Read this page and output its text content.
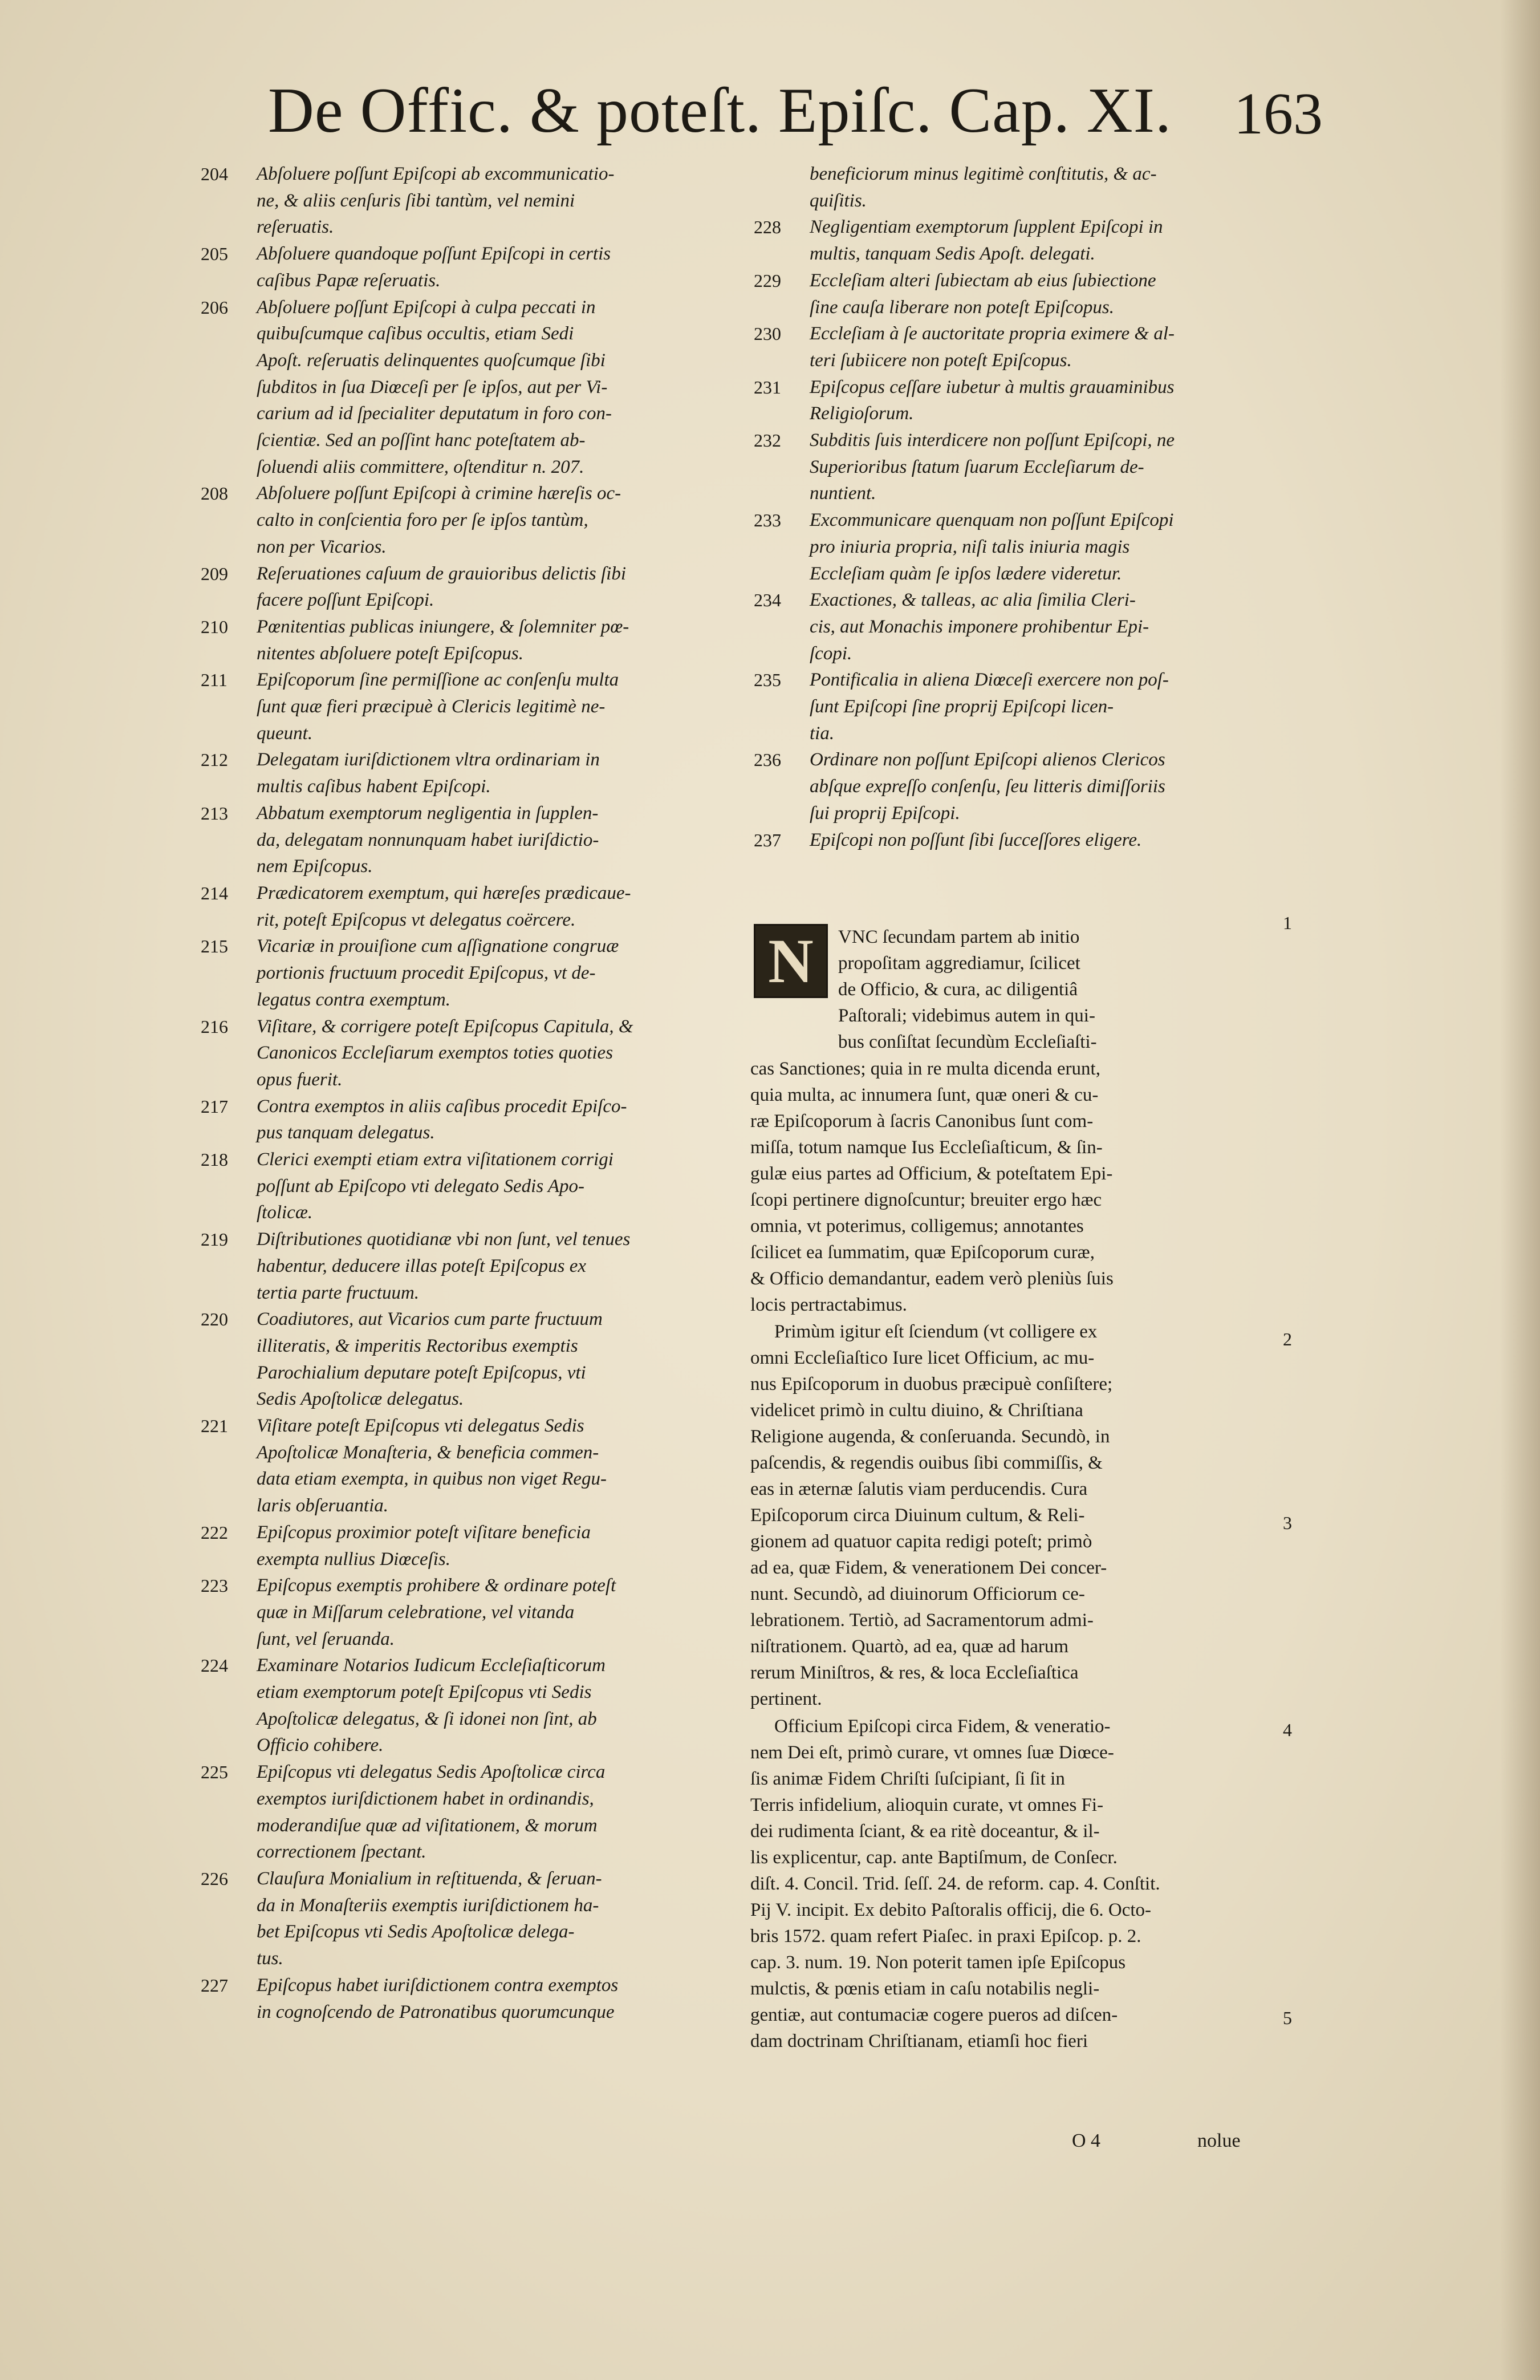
De Offic. & poteſt. Epiſc. Cap. XI. 163
204 Abſoluere poſſunt Epiſcopi ab excommunicatio-
ne, & aliis cenſuris ſibi tantùm, vel nemini
reſeruatis.
205 Abſoluere quandoque poſſunt Epiſcopi in certis
caſibus Papæ reſeruatis.
206 Abſoluere poſſunt Epiſcopi à culpa peccati in
quibuſcumque caſibus occultis, etiam Sedi
Apoſt. reſeruatis delinquentes quoſcumque ſibi
ſubditos in ſua Diœceſi per ſe ipſos, aut per Vi-
carium ad id ſpecialiter deputatum in foro con-
ſcientiæ. Sed an poſſint hanc poteſtatem ab-
ſoluendi aliis committere, oſtenditur n. 207.
208 Abſoluere poſſunt Epiſcopi à crimine hæreſis oc-
calto in conſcientia foro per ſe ipſos tantùm,
non per Vicarios.
209 Reſeruationes caſuum de grauioribus delictis ſibi
facere poſſunt Epiſcopi.
210 Pœnitentias publicas iniungere, & ſolemniter pœ-
nitentes abſoluere poteſt Epiſcopus.
211 Epiſcoporum ſine permiſſione ac conſenſu multa
ſunt quæ fieri præcipuè à Clericis legitimè ne-
queunt.
212 Delegatam iuriſdictionem vltra ordinariam in
multis caſibus habent Epiſcopi.
213 Abbatum exemptorum negligentia in ſupplen-
da, delegatam nonnunquam habet iuriſdictio-
nem Epiſcopus.
214 Prædicatorem exemptum, qui hæreſes prædicaue-
rit, poteſt Epiſcopus vt delegatus coërcere.
215 Vicariæ in prouiſione cum aſſignatione congruæ
portionis fructuum procedit Epiſcopus, vt de-
legatus contra exemptum.
216 Viſitare, & corrigere poteſt Epiſcopus Capitula, &
Canonicos Eccleſiarum exemptos toties quoties
opus fuerit.
217 Contra exemptos in aliis caſibus procedit Epiſco-
pus tanquam delegatus.
218 Clerici exempti etiam extra viſitationem corrigi
poſſunt ab Epiſcopo vti delegato Sedis Apo-
ſtolicæ.
219 Diſtributiones quotidianæ vbi non ſunt, vel tenues
habentur, deducere illas poteſt Epiſcopus ex
tertia parte fructuum.
220 Coadiutores, aut Vicarios cum parte fructuum
illiteratis, & imperitis Rectoribus exemptis
Parochialium deputare poteſt Epiſcopus, vti
Sedis Apoſtolicæ delegatus.
221 Viſitare poteſt Epiſcopus vti delegatus Sedis
Apoſtolicæ Monaſteria, & beneficia commen-
data etiam exempta, in quibus non viget Regu-
laris obſeruantia.
222 Epiſcopus proximior poteſt viſitare beneficia
exempta nullius Diœceſis.
223 Epiſcopus exemptis prohibere & ordinare poteſt
quæ in Miſſarum celebratione, vel vitanda
ſunt, vel ſeruanda.
224 Examinare Notarios Iudicum Eccleſiaſticorum
etiam exemptorum poteſt Epiſcopus vti Sedis
Apoſtolicæ delegatus, & ſi idonei non ſint, ab
Officio cohibere.
225 Epiſcopus vti delegatus Sedis Apoſtolicæ circa
exemptos iuriſdictionem habet in ordinandis,
moderandiſue quæ ad viſitationem, & morum
correctionem ſpectant.
226 Clauſura Monialium in reſtituenda, & ſeruan-
da in Monaſteriis exemptis iuriſdictionem ha-
bet Epiſcopus vti Sedis Apoſtolicæ delega-
tus.
227 Epiſcopus habet iuriſdictionem contra exemptos
in cognoſcendo de Patronatibus quorumcunque
beneficiorum minus legitimè conſtitutis, & ac-
quiſitis.
228 Negligentiam exemptorum ſupplent Epiſcopi in
multis, tanquam Sedis Apoſt. delegati.
229 Eccleſiam alteri ſubiectam ab eius ſubiectione
ſine cauſa liberare non poteſt Epiſcopus.
230 Eccleſiam à ſe auctoritate propria eximere & al-
teri ſubiicere non poteſt Epiſcopus.
231 Epiſcopus ceſſare iubetur à multis grauaminibus
Religioſorum.
232 Subditis ſuis interdicere non poſſunt Epiſcopi, ne
Superioribus ſtatum ſuarum Eccleſiarum de-
nuntient.
233 Excommunicare quenquam non poſſunt Epiſcopi
pro iniuria propria, niſi talis iniuria magis
Eccleſiam quàm ſe ipſos lædere videretur.
234 Exactiones, & talleas, ac alia ſimilia Cleri-
cis, aut Monachis imponere prohibentur Epi-
ſcopi.
235 Pontificalia in aliena Diœceſi exercere non poſ-
ſunt Epiſcopi ſine proprij Epiſcopi licen-
tia.
236 Ordinare non poſſunt Epiſcopi alienos Clericos
abſque expreſſo conſenſu, ſeu litteris dimiſſoriis
ſui proprij Epiſcopi.
237 Epiſcopi non poſſunt ſibi ſucceſſores eligere.
N	VNC ſecundam partem ab initio
propoſitam aggrediamur, ſcilicet
de Officio, & cura, ac diligentiâ
Paſtorali; videbimus autem in qui-
bus conſiſtat ſecundùm Eccleſiaſti-
cas Sanctiones; quia in re multa dicenda erunt,
quia multa, ac innumera ſunt, quæ oneri & cu-
ræ Epiſcoporum à ſacris Canonibus ſunt com-
miſſa, totum namque Ius Eccleſiaſticum, & ſin-
gulæ eius partes ad Officium, & poteſtatem Epi-
ſcopi pertinere dignoſcuntur; breuiter ergo hæc
omnia, vt poterimus, colligemus; annotantes
ſcilicet ea ſummatim, quæ Epiſcoporum curæ,
& Officio demandantur, eadem verò pleniùs ſuis
locis pertractabimus.
Primùm igitur eſt ſciendum (vt colligere ex
omni Eccleſiaſtico Iure licet Officium, ac mu-
nus Epiſcoporum in duobus præcipuè conſiſtere;
videlicet primò in cultu diuino, & Chriſtiana
Religione augenda, & conſeruanda. Secundò, in
paſcendis, & regendis ouibus ſibi commiſſis, &
eas in æternæ ſalutis viam perducendis. Cura
Epiſcoporum circa Diuinum cultum, & Reli-
gionem ad quatuor capita redigi poteſt; primò
ad ea, quæ Fidem, & venerationem Dei concer-
nunt. Secundò, ad diuinorum Officiorum ce-
lebrationem. Tertiò, ad Sacramentorum admi-
niſtrationem. Quartò, ad ea, quæ ad harum
rerum Miniſtros, & res, & loca Eccleſiaſtica
pertinent.
Officium Epiſcopi circa Fidem, & veneratio-
nem Dei eſt, primò curare, vt omnes ſuæ Diœce-
ſis animæ Fidem Chriſti ſuſcipiant, ſi ſit in
Terris infidelium, alioquin curate, vt omnes Fi-
dei rudimenta ſciant, & ea ritè doceantur, & il-
lis explicentur, cap. ante Baptiſmum, de Conſecr.
diſt. 4. Concil. Trid. ſeſſ. 24. de reform. cap. 4. Conſtit.
Pij V. incipit. Ex debito Paſtoralis officij, die 6. Octo-
bris 1572. quam refert Piaſec. in praxi Epiſcop. p. 2.
cap. 3. num. 19. Non poterit tamen ipſe Epiſcopus
mulctis, & pœnis etiam in caſu notabilis negli-
gentiæ, aut contumaciæ cogere pueros ad diſcen-
dam doctrinam Chriſtianam, etiamſi hoc fieri
1
2
3
4
5
O 4	nolue
